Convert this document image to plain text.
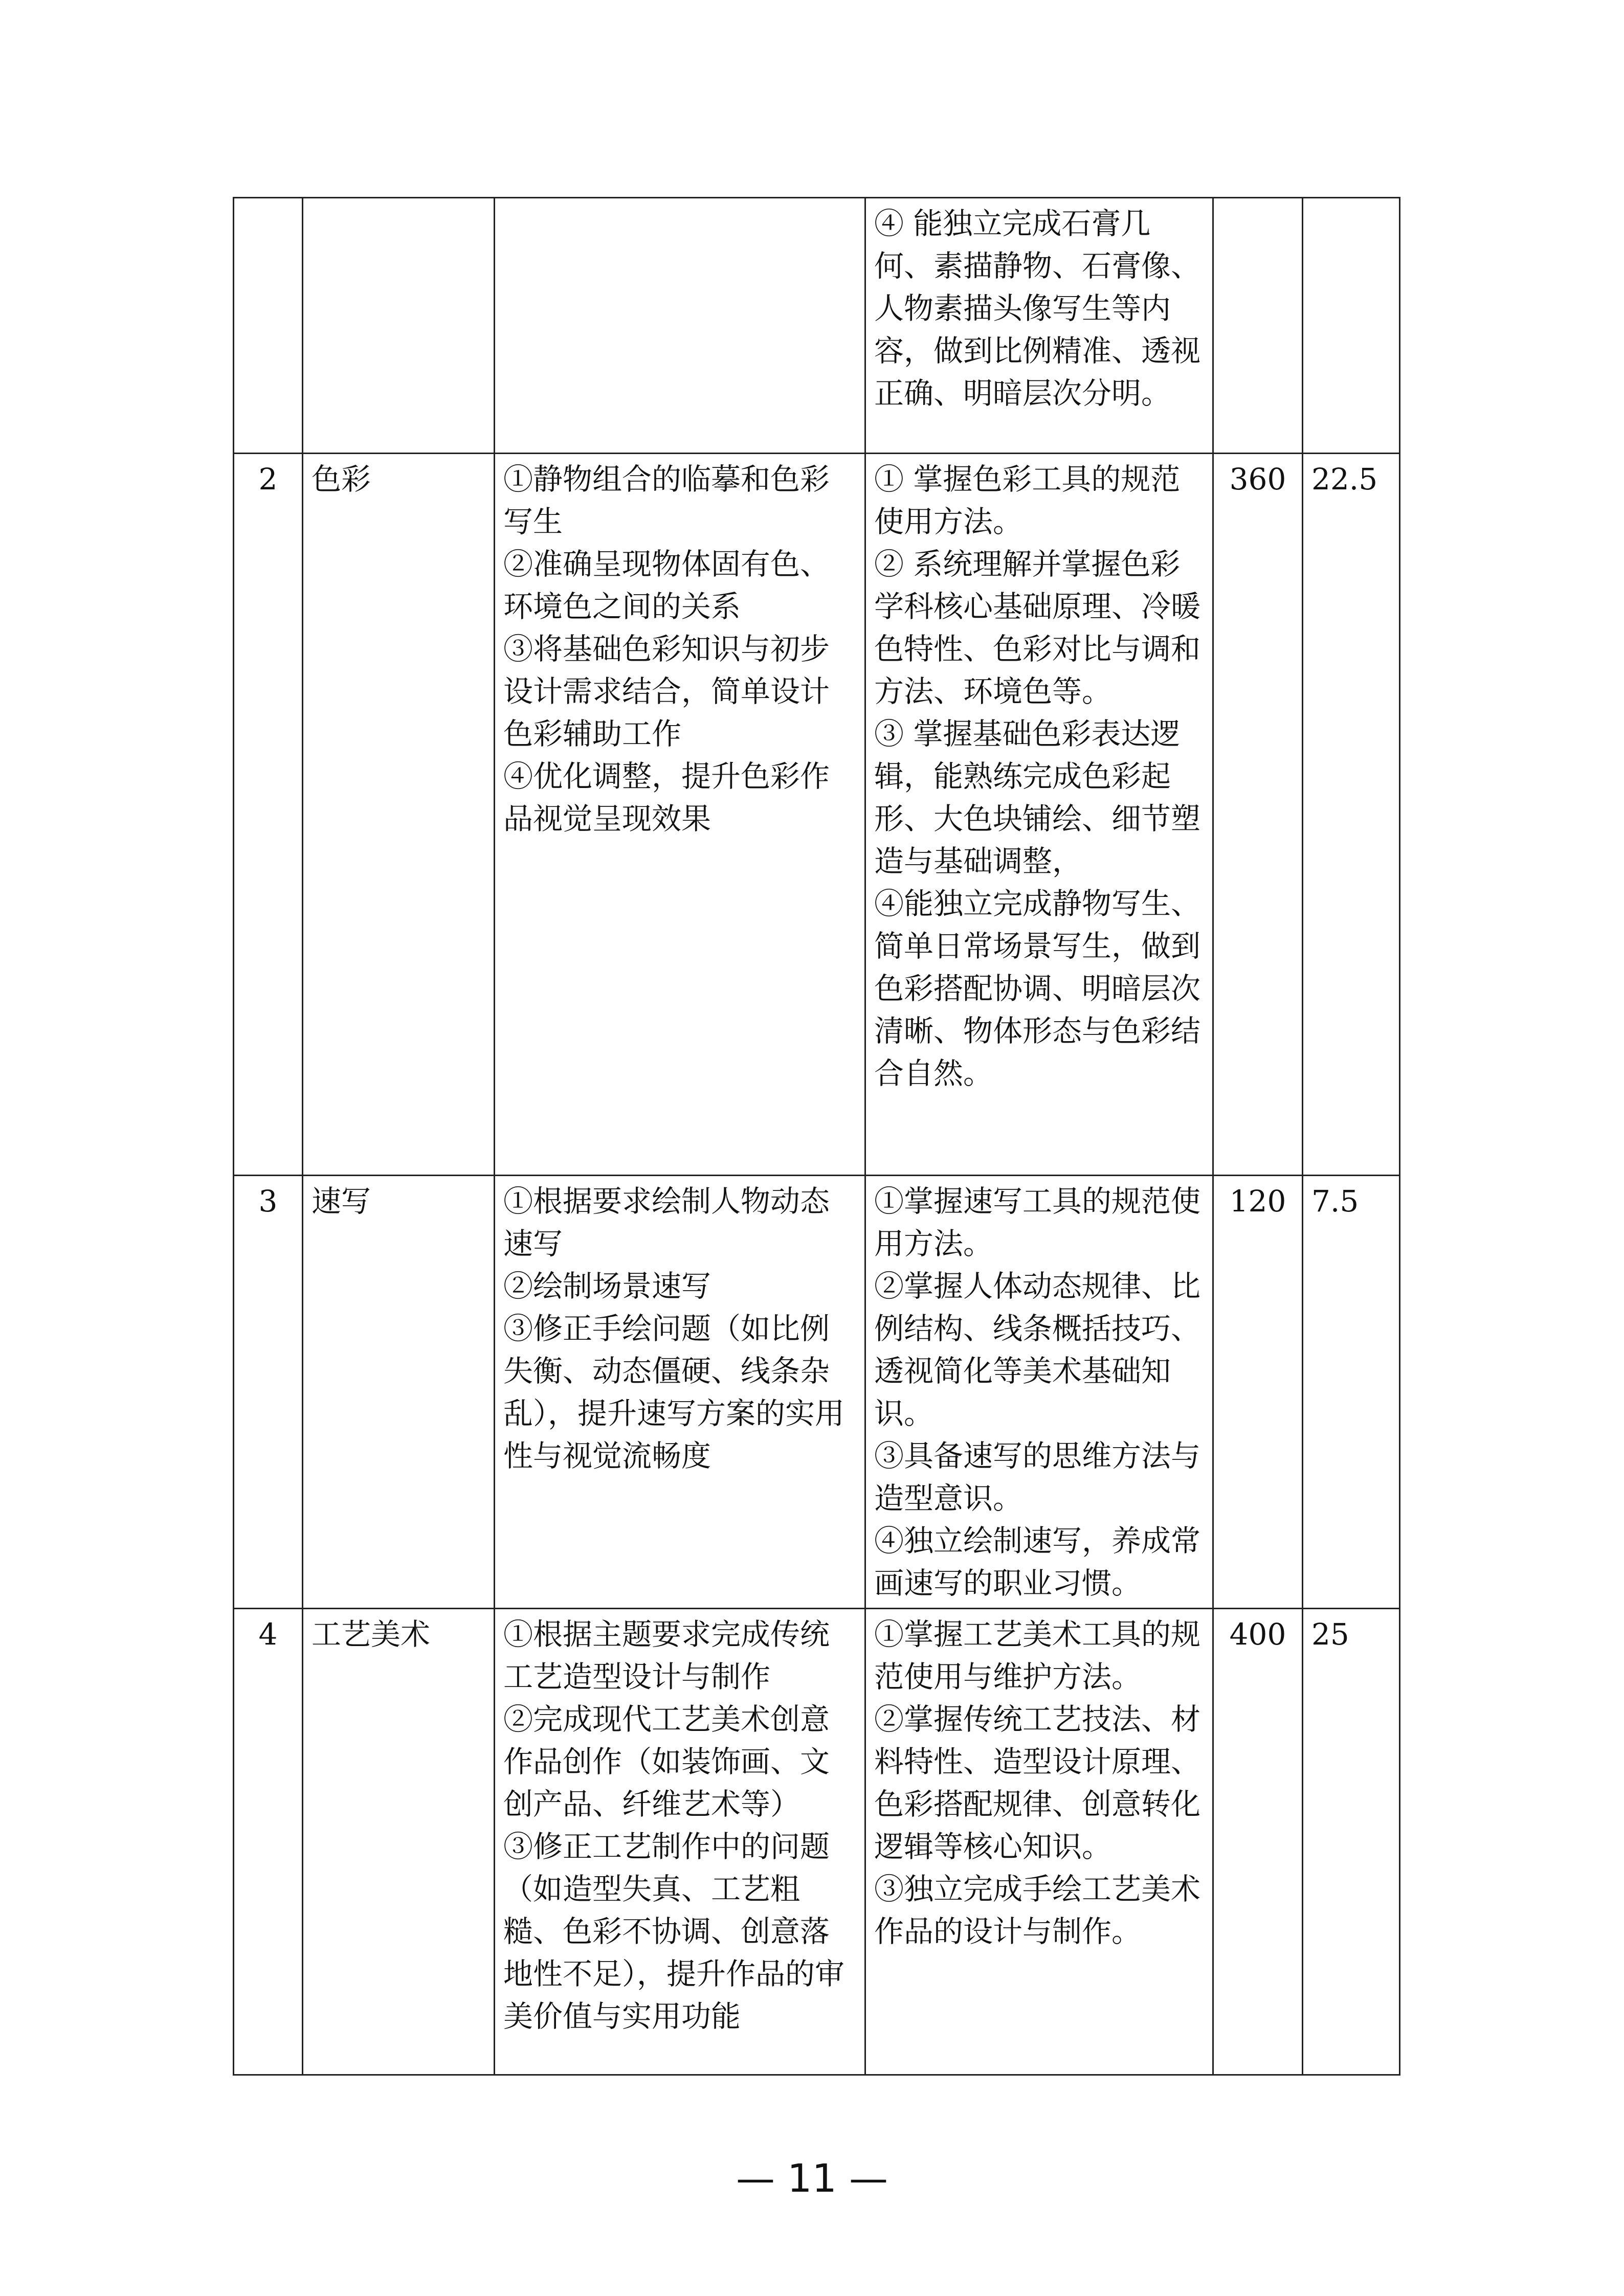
			④ 能独立完成石膏几何、素描静物、石膏像、人物素描头像写生等内容，做到比例精准、透视正确、明暗层次分明。		
2	色彩	①静物组合的临摹和色彩写生
②准确呈现物体固有色、环境色之间的关系
③将基础色彩知识与初步设计需求结合，简单设计色彩辅助工作
④优化调整，提升色彩作品视觉呈现效果	① 掌握色彩工具的规范使用方法。
② 系统理解并掌握色彩学科核心基础原理、冷暖色特性、色彩对比与调和方法、环境色等。
③ 掌握基础色彩表达逻辑，能熟练完成色彩起形、大色块铺绘、细节塑造与基础调整，
④能独立完成静物写生、简单日常场景写生，做到色彩搭配协调、明暗层次清晰、物体形态与色彩结合自然。	360	22.5
3	速写	①根据要求绘制人物动态速写
②绘制场景速写
③修正手绘问题（如比例失衡、动态僵硬、线条杂乱），提升速写方案的实用性与视觉流畅度	①掌握速写工具的规范使用方法。
②掌握人体动态规律、比例结构、线条概括技巧、透视简化等美术基础知识。
③具备速写的思维方法与造型意识。
④独立绘制速写，养成常画速写的职业习惯。	120	7.5
4	工艺美术	①根据主题要求完成传统工艺造型设计与制作
②完成现代工艺美术创意作品创作（如装饰画、文创产品、纤维艺术等）
③修正工艺制作中的问题（如造型失真、工艺粗糙、色彩不协调、创意落地性不足），提升作品的审美价值与实用功能	①掌握工艺美术工具的规范使用与维护方法。
②掌握传统工艺技法、材料特性、造型设计原理、色彩搭配规律、创意转化逻辑等核心知识。
③独立完成手绘工艺美术作品的设计与制作。	400	25
— 11 —
